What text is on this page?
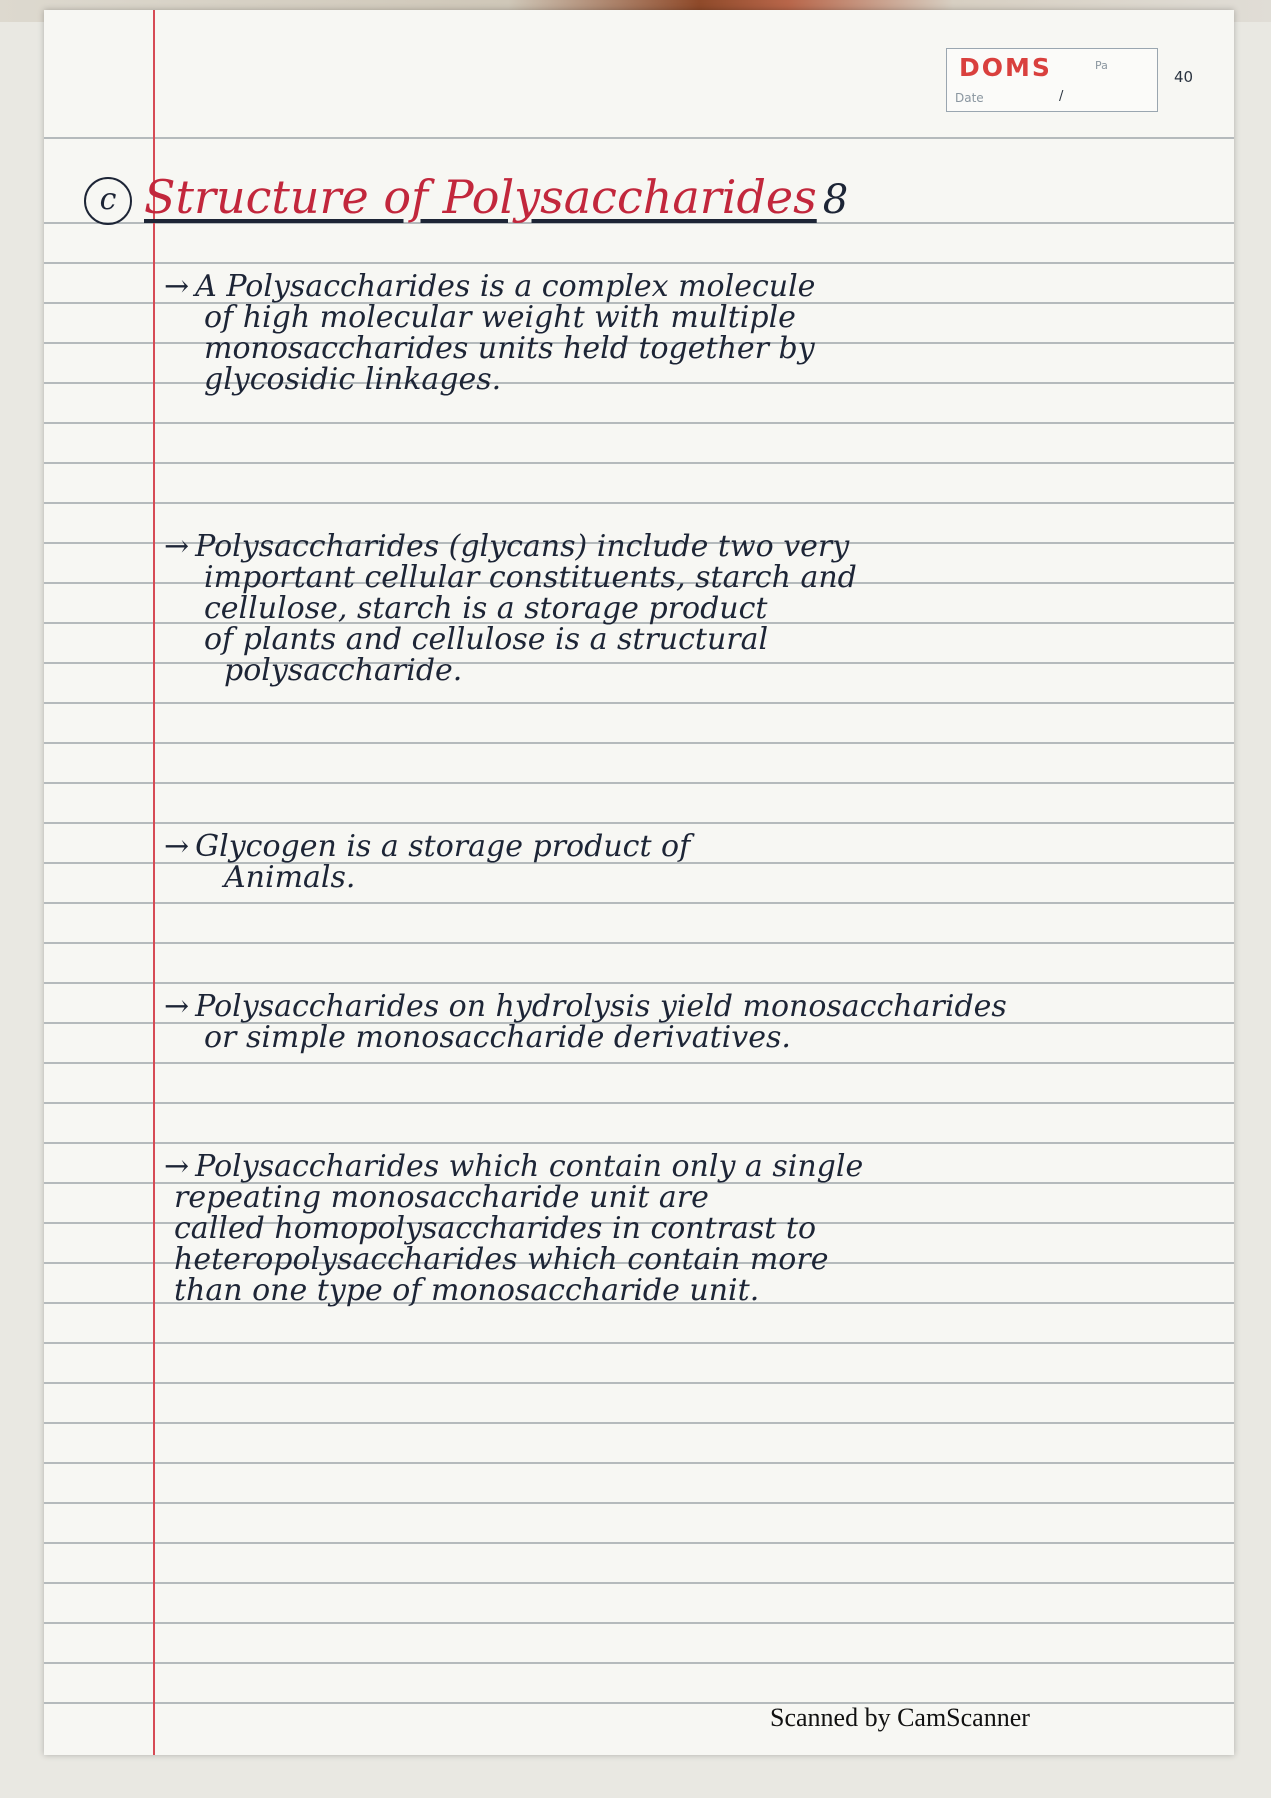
DOMS	Pa
Date	/
40
c Structure of Polysaccharides 8
→ A Polysaccharides is a complex molecule
of high molecular weight with multiple
monosaccharides units held together by
glycosidic linkages.
→ Polysaccharides (glycans) include two very
important cellular constituents, starch and
cellulose, starch is a storage product
of plants and cellulose is a structural
polysaccharide.
→ Glycogen is a storage product of
Animals.
→ Polysaccharides on hydrolysis yield monosaccharides
or simple monosaccharide derivatives.
→ Polysaccharides which contain only a single
repeating monosaccharide unit are
called homopolysaccharides in contrast to
heteropolysaccharides which contain more
than one type of monosaccharide unit.
Scanned by CamScanner
